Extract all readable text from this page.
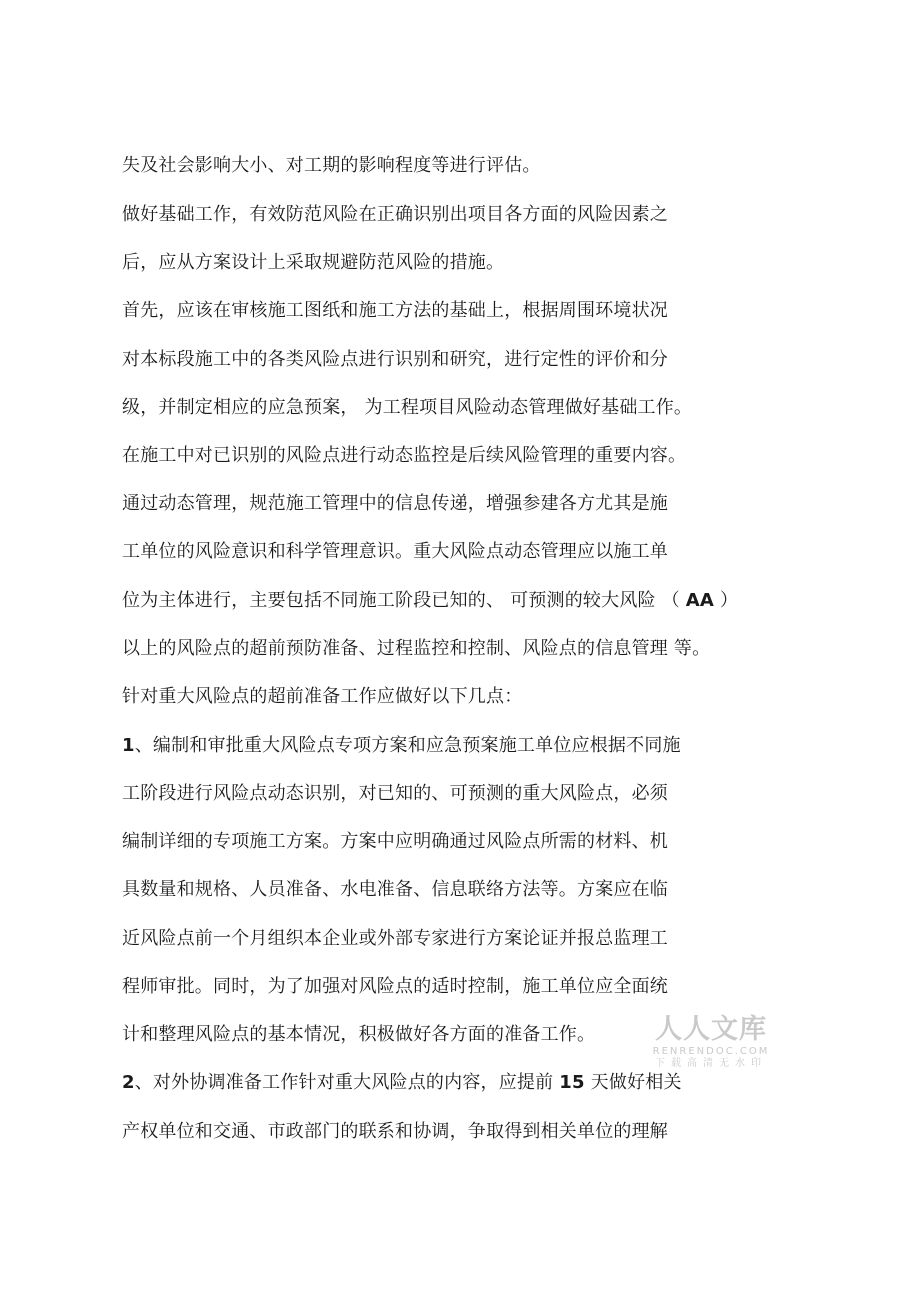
失及社会影响大小、对工期的影响程度等进行评估。
做好基础工作，有效防范风险在正确识别出项目各方面的风险因素之
后，应从方案设计上采取规避防范风险的措施。
首先，应该在审核施工图纸和施工方法的基础上，根据周围环境状况
对本标段施工中的各类风险点进行识别和研究，进行定性的评价和分
级，并制定相应的应急预案， 为工程项目风险动态管理做好基础工作。
在施工中对已识别的风险点进行动态监控是后续风险管理的重要内容。
通过动态管理，规范施工管理中的信息传递，增强参建各方尤其是施
工单位的风险意识和科学管理意识。重大风险点动态管理应以施工单
位为主体进行，主要包括不同施工阶段已知的、 可预测的较大风险 （ AA ）
以上的风险点的超前预防准备、过程监控和控制、风险点的信息管理 等。
针对重大风险点的超前准备工作应做好以下几点：
1、编制和审批重大风险点专项方案和应急预案施工单位应根据不同施
工阶段进行风险点动态识别，对已知的、可预测的重大风险点，必须
编制详细的专项施工方案。方案中应明确通过风险点所需的材料、机
具数量和规格、人员准备、水电准备、信息联络方法等。方案应在临
近风险点前一个月组织本企业或外部专家进行方案论证并报总监理工
程师审批。同时，为了加强对风险点的适时控制，施工单位应全面统
计和整理风险点的基本情况，积极做好各方面的准备工作。
2、对外协调准备工作针对重大风险点的内容，应提前 15 天做好相关
产权单位和交通、市政部门的联系和协调，争取得到相关单位的理解
人人文库
RENRENDOC.COM
下载高清无水印
